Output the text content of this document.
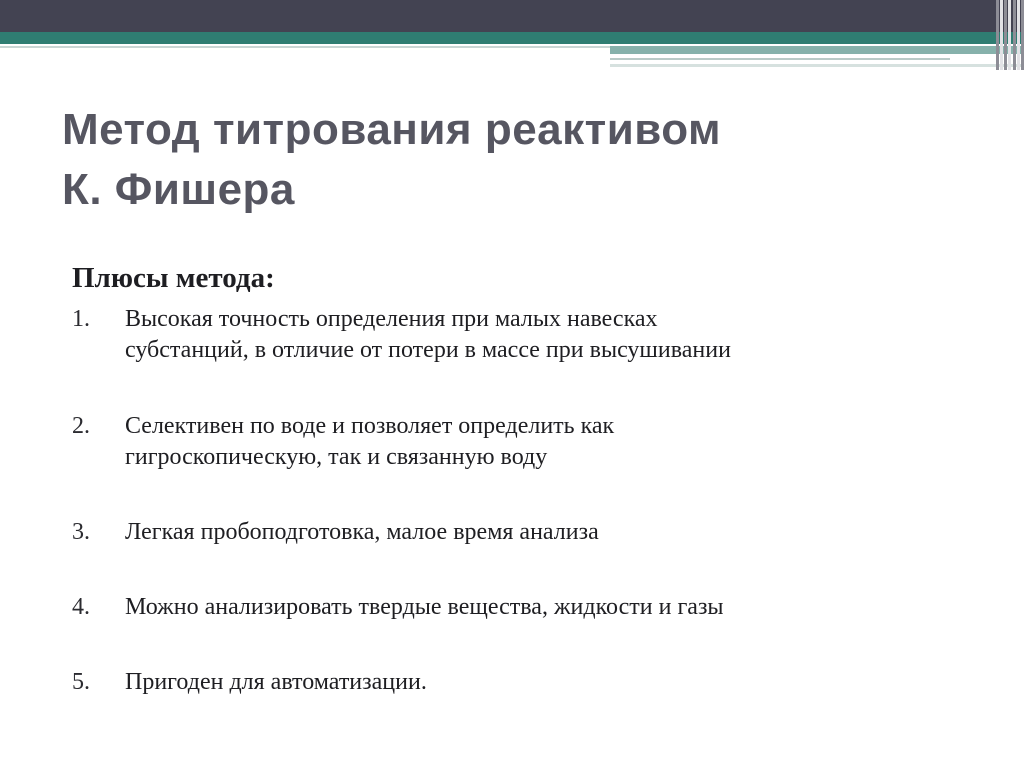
Метод титрования реактивом
К. Фишера
Плюсы метода:
1. Высокая точность определения при малых навесках
субстанций, в отличие от потери в массе при высушивании
2. Селективен по воде и позволяет определить как
гигроскопическую, так и связанную воду
3. Легкая пробоподготовка, малое время анализа
4. Можно анализировать твердые вещества, жидкости и газы
5. Пригоден для автоматизации.
